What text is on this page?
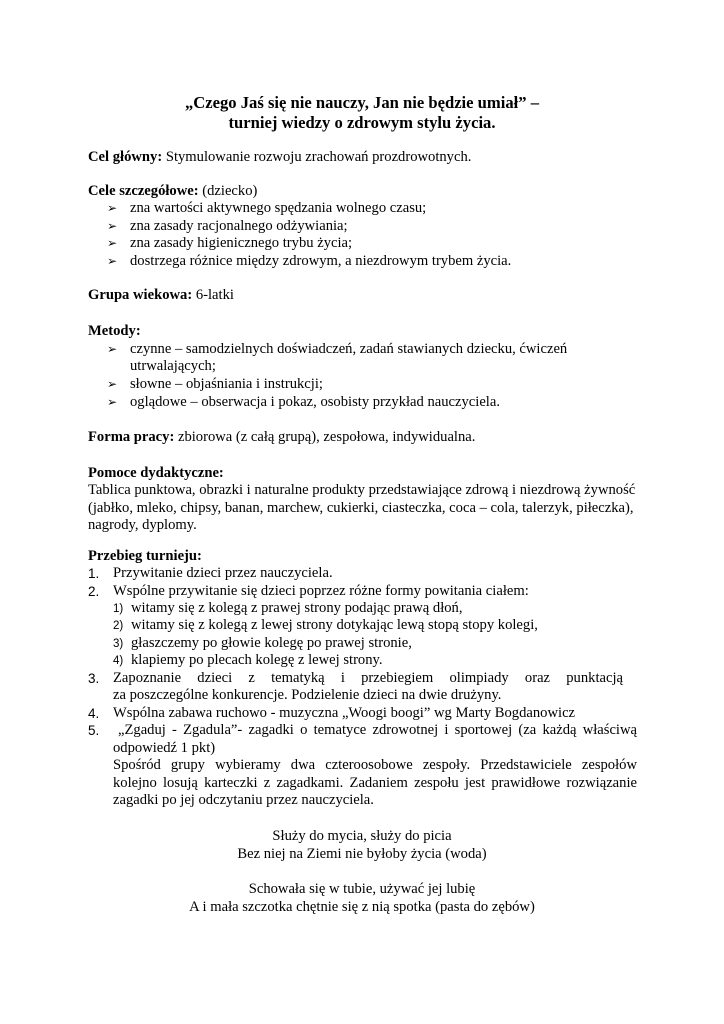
„Czego Jaś się nie nauczy, Jan nie będzie umiał” –
turniej wiedzy o zdrowym stylu życia.
Cel główny: Stymulowanie rozwoju zrachowań prozdrowotnych.
Cele szczegółowe: (dziecko)
➢ zna wartości aktywnego spędzania wolnego czasu;
➢ zna zasady racjonalnego odżywiania;
➢ zna zasady higienicznego trybu życia;
➢ dostrzega różnice między zdrowym, a niezdrowym trybem życia.
Grupa wiekowa: 6-latki
Metody:
➢ czynne – samodzielnych doświadczeń, zadań stawianych dziecku, ćwiczeń
utrwalających;
➢ słowne – objaśniania i instrukcji;
➢ oglądowe – obserwacja i pokaz, osobisty przykład nauczyciela.
Forma pracy: zbiorowa (z całą grupą), zespołowa, indywidualna.
Pomoce dydaktyczne:
Tablica punktowa, obrazki i naturalne produkty przedstawiające zdrową i niezdrową żywność
(jabłko, mleko, chipsy, banan, marchew, cukierki, ciasteczka, coca – cola, talerzyk, piłeczka),
nagrody, dyplomy.
Przebieg turnieju:
1. Przywitanie dzieci przez nauczyciela.
2. Wspólne przywitanie się dzieci poprzez różne formy powitania ciałem:
1) witamy się z kolegą z prawej strony podając prawą dłoń,
2) witamy się z kolegą z lewej strony dotykając lewą stopą stopy kolegi,
3) głaszczemy po głowie kolegę po prawej stronie,
4) klapiemy po plecach kolegę z lewej strony.
3. Zapoznanie dzieci z tematyką i przebiegiem olimpiady oraz punktacją
za poszczególne konkurencje. Podzielenie dzieci na dwie drużyny.
4. Wspólna zabawa ruchowo - muzyczna „Woogi boogi” wg Marty Bogdanowicz
5. „Zgaduj - Zgadula”- zagadki o tematyce zdrowotnej i sportowej (za każdą właściwą
odpowiedź 1 pkt)
Spośród grupy wybieramy dwa czteroosobowe zespoły. Przedstawiciele zespołów
kolejno losują karteczki z zagadkami. Zadaniem zespołu jest prawidłowe rozwiązanie
zagadki po jej odczytaniu przez nauczyciela.
Służy do mycia, służy do picia
Bez niej na Ziemi nie byłoby życia (woda)
Schowała się w tubie, używać jej lubię
A i mała szczotka chętnie się z nią spotka (pasta do zębów)
